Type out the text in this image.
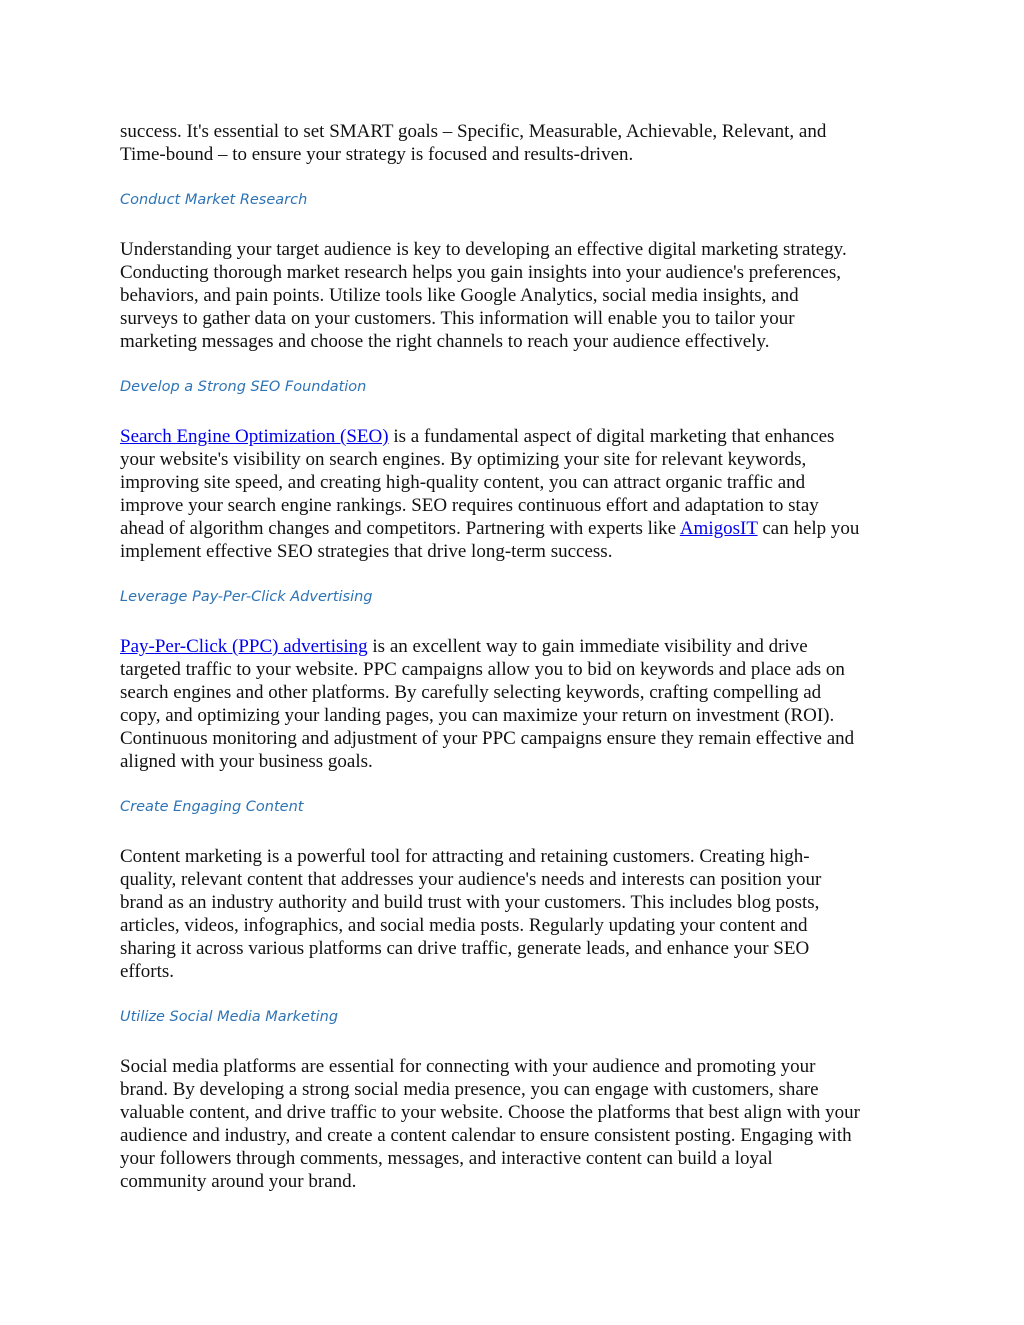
success. It's essential to set SMART goals – Specific, Measurable, Achievable, Relevant, and
Time-bound – to ensure your strategy is focused and results-driven.

Conduct Market Research

Understanding your target audience is key to developing an effective digital marketing strategy.
Conducting thorough market research helps you gain insights into your audience's preferences,
behaviors, and pain points. Utilize tools like Google Analytics, social media insights, and
surveys to gather data on your customers. This information will enable you to tailor your
marketing messages and choose the right channels to reach your audience effectively.

Develop a Strong SEO Foundation

Search Engine Optimization (SEO) is a fundamental aspect of digital marketing that enhances
your website's visibility on search engines. By optimizing your site for relevant keywords,
improving site speed, and creating high-quality content, you can attract organic traffic and
improve your search engine rankings. SEO requires continuous effort and adaptation to stay
ahead of algorithm changes and competitors. Partnering with experts like AmigosIT can help you
implement effective SEO strategies that drive long-term success.

Leverage Pay-Per-Click Advertising

Pay-Per-Click (PPC) advertising is an excellent way to gain immediate visibility and drive
targeted traffic to your website. PPC campaigns allow you to bid on keywords and place ads on
search engines and other platforms. By carefully selecting keywords, crafting compelling ad
copy, and optimizing your landing pages, you can maximize your return on investment (ROI).
Continuous monitoring and adjustment of your PPC campaigns ensure they remain effective and
aligned with your business goals.

Create Engaging Content

Content marketing is a powerful tool for attracting and retaining customers. Creating high-
quality, relevant content that addresses your audience's needs and interests can position your
brand as an industry authority and build trust with your customers. This includes blog posts,
articles, videos, infographics, and social media posts. Regularly updating your content and
sharing it across various platforms can drive traffic, generate leads, and enhance your SEO
efforts.

Utilize Social Media Marketing

Social media platforms are essential for connecting with your audience and promoting your
brand. By developing a strong social media presence, you can engage with customers, share
valuable content, and drive traffic to your website. Choose the platforms that best align with your
audience and industry, and create a content calendar to ensure consistent posting. Engaging with
your followers through comments, messages, and interactive content can build a loyal
community around your brand.
